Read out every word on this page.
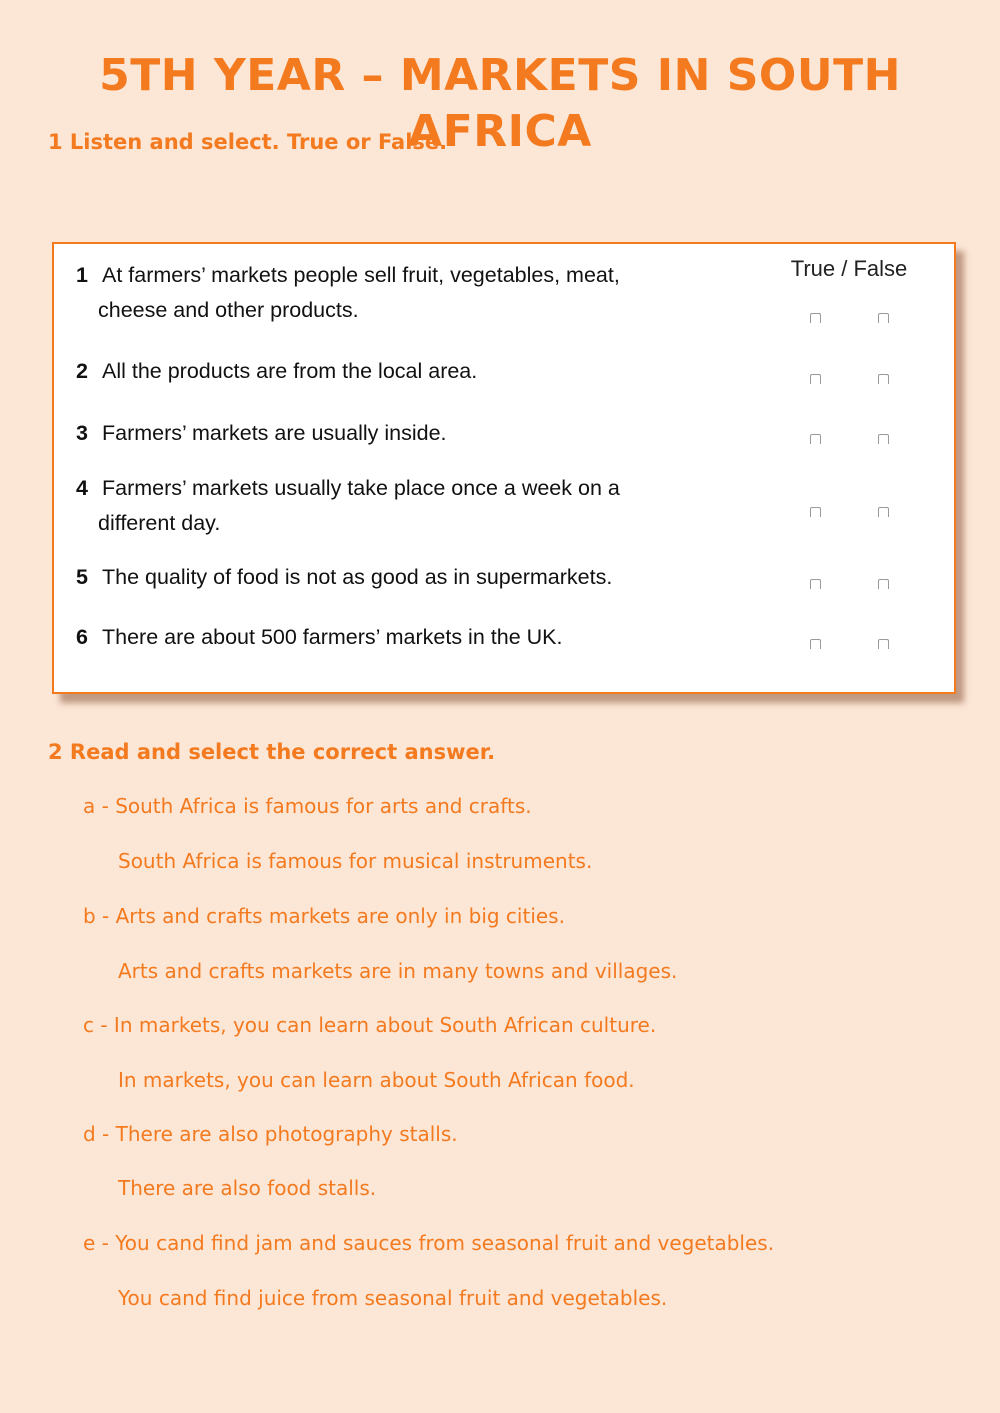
5TH YEAR – MARKETS IN SOUTH AFRICA
1 Listen and select. True or False.
True / False
1 At farmers’ markets people sell fruit, vegetables, meat,
cheese and other products.
2 All the products are from the local area.
3 Farmers’ markets are usually inside.
4 Farmers’ markets usually take place once a week on a
different day.
5 The quality of food is not as good as in supermarkets.
6 There are about 500 farmers’ markets in the UK.
2 Read and select the correct answer.
a - South Africa is famous for arts and crafts.
South Africa is famous for musical instruments.
b - Arts and crafts markets are only in big cities.
Arts and crafts markets are in many towns and villages.
c - In markets, you can learn about South African culture.
In markets, you can learn about South African food.
d - There are also photography stalls.
There are also food stalls.
e - You cand find jam and sauces from seasonal fruit and vegetables.
You cand find juice from seasonal fruit and vegetables.
